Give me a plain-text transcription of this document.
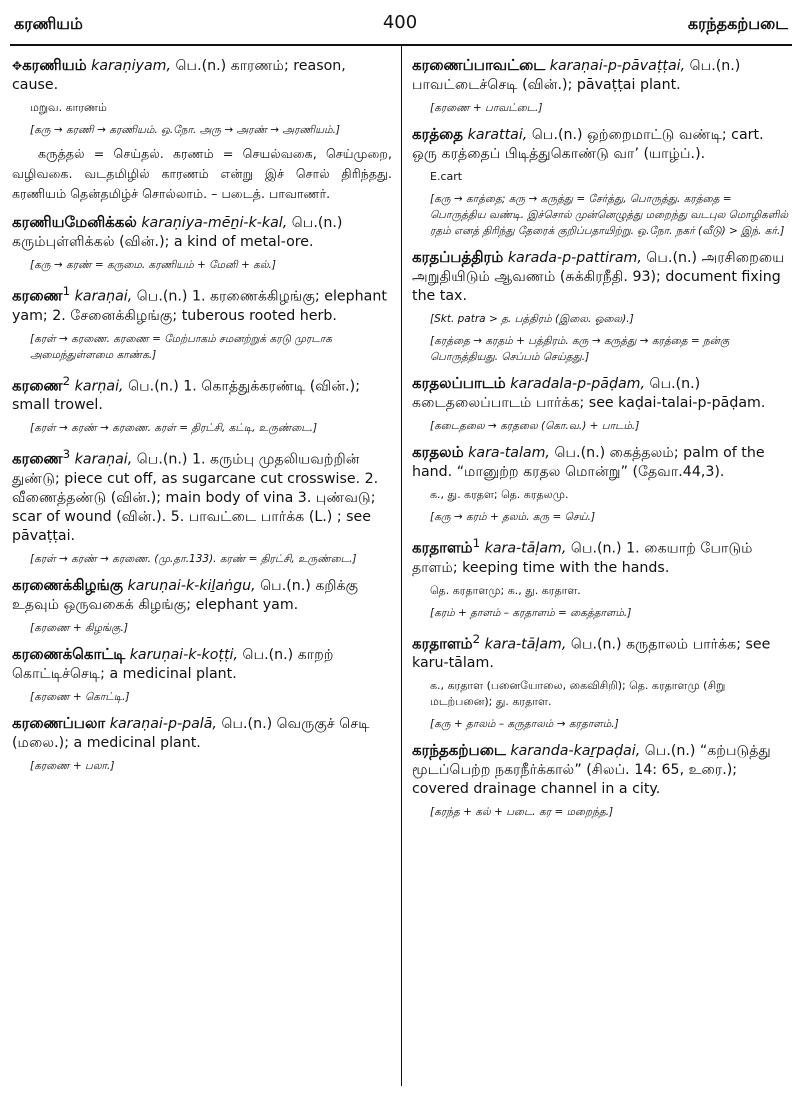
கரணியம்	400	கரந்தகற்படை

✥கரணியம் karaṇiyam, பெ.(n.) காரணம்; reason, cause.

மறுவ. காரணம்

[கரு → கரணி → கரணியம். ஒ.நோ. அரு → அரண் → அரணியம்.]

கருத்தல் = செய்தல். கரணம் = செயல்வகை, செய்முறை, வழிவகை. வடதமிழில் காரணம் என்று இச் சொல் திரிந்தது. கரணியம் தென்தமிழ்ச் சொல்லாம். – படைத். பாவாணர்.

கரணியமேனிக்கல் karaṇiya-mēṉi-k-kal, பெ.(n.) கரும்புள்ளிக்கல் (வின்.); a kind of metal-ore.

[கரு → கரண் = கருமை. கரணியம் + மேனி + கல்.]

கரணை$^1$ karaṇai, பெ.(n.) 1. கரணைக்கிழங்கு; elephant yam; 2. சேனைக்கிழங்கு; tuberous rooted herb.

[கரள் → கரணை. கரணை = மேற்பாகம் சமனற்றுக் கரடு முரடாக அமைந்துள்ளமை காண்க.]

கரணை$^2$ karṇai, பெ.(n.) 1. கொத்துக்கரண்டி (வின்.); small trowel.

[கரள் → கரண் → கரணை. கரள் = திரட்சி, கட்டி, உருண்டை.]

கரணை$^3$ karaṇai, பெ.(n.) 1. கரும்பு முதலியவற்றின் துண்டு; piece cut off, as sugarcane cut crosswise. 2. வீணைத்தண்டு (வின்.); main body of vina 3. புண்வடு; scar of wound (வின்.). 5. பாவட்டை பார்க்க (L.) ; see pāvaṭṭai.

[கரள் → கரண் → கரணை. (மு.தா.133). கரண் = திரட்சி, உருண்டை.]

கரணைக்கிழங்கு karuṇai-k-kiḻaṅgu, பெ.(n.) கறிக்கு உதவும் ஒருவகைக் கிழங்கு; elephant yam.

[கரணை + கிழங்கு.]

கரணைக்கொட்டி karuṇai-k-koṭṭi, பெ.(n.) காறற் கொட்டிச்செடி; a medicinal plant.

[கரணை + கொட்டி.]

கரணைப்பலா karaṇai-p-palā, பெ.(n.) வெருகுச் செடி (மலை.); a medicinal plant.

[கரணை + பலா.]

கரணைப்பாவட்டை karaṇai-p-pāvaṭṭai, பெ.(n.) பாவட்டைச்செடி (வின்.); pāvaṭṭai plant.

[கரணை + பாவட்டை.]

கரத்தை karattai, பெ.(n.) ஒற்றைமாட்டு வண்டி; cart. ஒரு கரத்தைப் பிடித்துகொண்டு வா’ (யாழ்ப்.).

E.cart

[கரு → காத்தை; கரு → கருத்து = சேர்த்து, பொருத்து. கரத்தை = பொருத்திய வண்டி. இச்சொல் முன்னெழுத்து மறைந்து வடபுல மொழிகளில் ரதம் எனத் திரிந்து தேரைக் குறிப்பதாயிற்று. ஒ.நோ. நகர் (வீடு) > இந். கர்.]

கரதப்பத்திரம் karada-p-pattiram, பெ.(n.) அரசிறையை அறுதியிடும் ஆவணம் (சுக்கிரநீதி. 93); document fixing the tax.

[Skt. patra > த. பத்திரம் (இலை. ஓலை).]

[கரத்தை → கரதம் + பத்திரம். கரு → கருத்து → கரத்தை = நன்கு பொருத்தியது. செப்பம் செய்தது.]

கரதலப்பாடம் karadala-p-pāḍam, பெ.(n.) கடைதலைப்பாடம் பார்க்க; see kaḍai-talai-p-pāḍam.

[கடைதலை → கரதலை (கொ.வ.) + பாடம்.]

கரதலம் kara-talam, பெ.(n.) கைத்தலம்; palm of the hand. “மானுற்ற கரதல மொன்று” (தேவா.44,3).

க., து. கரதள; தெ. கரதலமு.

[கரு → கரம் + தலம். கரு = செய்.]

கரதாளம்$^1$ kara-tāḷam, பெ.(n.) 1. கையாற் போடும் தாளம்; keeping time with the hands.

தெ. கரதாளமு; க., து. கரதாள.

[கரம் + தாளம் – கரதாளம் = கைத்தாளம்.]

கரதாளம்$^2$ kara-tāḷam, பெ.(n.) கருதாலம் பார்க்க; see karu-tālam.

க., கரதாள (பனையோலை, கைவிசிறி); தெ. கரதாளமு (சிறு மடற்பனை); து. கரதாள.

[கரு + தாலம் – கருதாலம் → கரதாளம்.]

கரந்தகற்படை karanda-kaṟpaḍai, பெ.(n.) “கற்படுத்து மூடப்பெற்ற நகரநீர்க்கால்” (சிலப். 14: 65, உரை.); covered drainage channel in a city.

[கரந்த + கல் + படை. கர = மறைந்த.]
